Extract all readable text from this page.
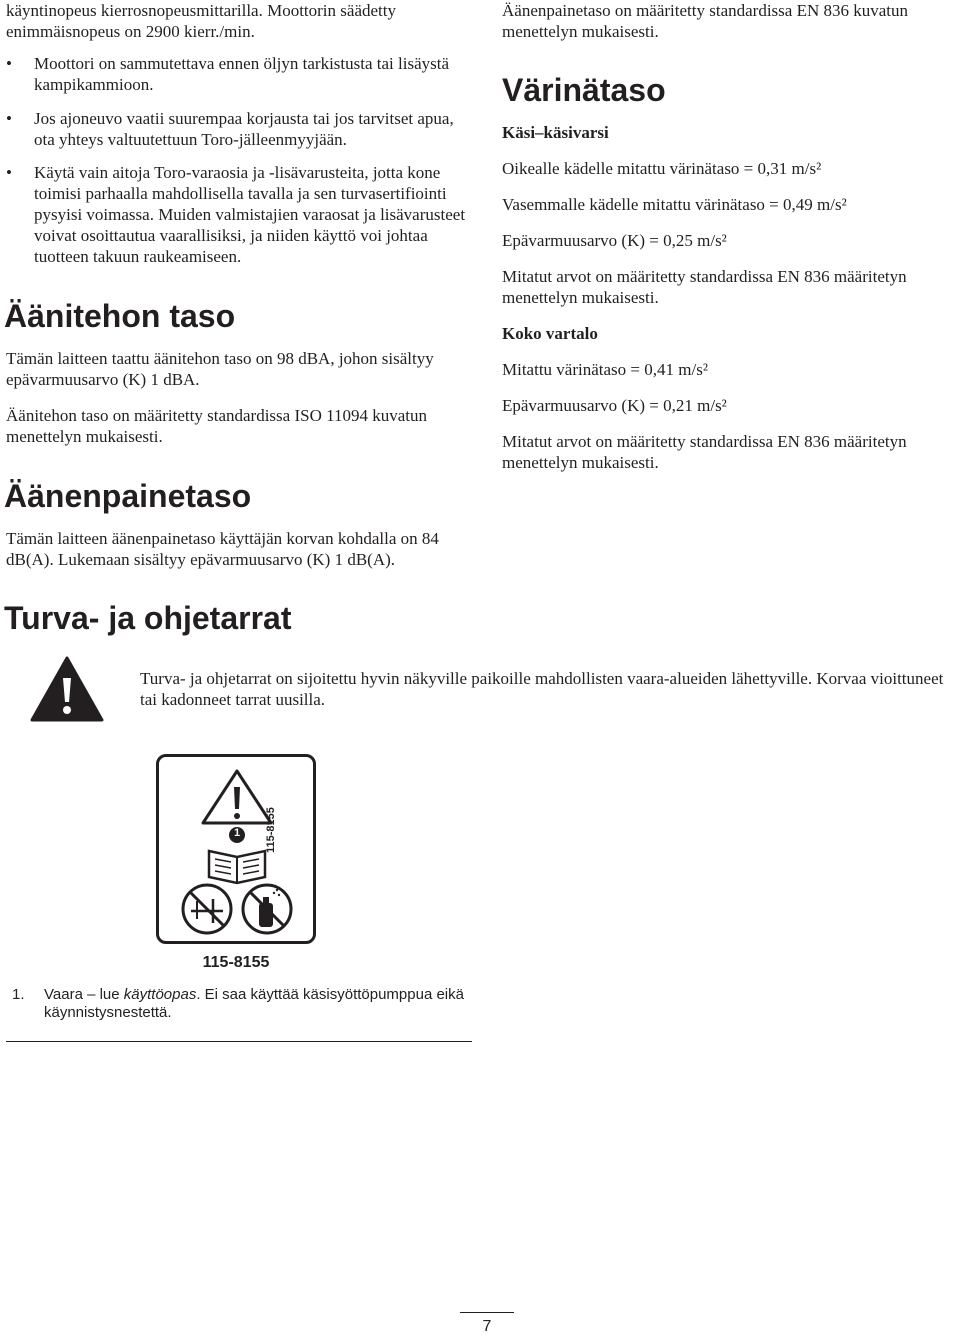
käyntinopeus kierrosnopeusmittarilla. Moottorin säädetty enimmäisnopeus on 2900 kierr./min.

• Moottori on sammutettava ennen öljyn tarkistusta tai lisäystä kampikammioon.
• Jos ajoneuvo vaatii suurempaa korjausta tai jos tarvitset apua, ota yhteys valtuutettuun Toro-jälleenmyyjään.
• Käytä vain aitoja Toro-varaosia ja -lisävarusteita, jotta kone toimisi parhaalla mahdollisella tavalla ja sen turvasertifiointi pysyisi voimassa. Muiden valmistajien varaosat ja lisävarusteet voivat osoittautua vaarallisiksi, ja niiden käyttö voi johtaa tuotteen takuun raukeamiseen.
Äänitehon taso

Tämän laitteen taattu äänitehon taso on 98 dBA, johon sisältyy epävarmuusarvo (K) 1 dBA.

Äänitehon taso on määritetty standardissa ISO 11094 kuvatun menettelyn mukaisesti.

Äänenpainetaso

Tämän laitteen äänenpainetaso käyttäjän korvan kohdalla on 84 dB(A). Lukemaan sisältyy epävarmuusarvo (K) 1 dB(A).

Äänenpainetaso on määritetty standardissa EN 836 kuvatun menettelyn mukaisesti.

Värinätaso

Käsi–käsivarsi

Oikealle kädelle mitattu värinätaso = 0,31 m/s²

Vasemmalle kädelle mitattu värinätaso = 0,49 m/s²

Epävarmuusarvo (K) = 0,25 m/s²

Mitatut arvot on määritetty standardissa EN 836 määritetyn menettelyn mukaisesti.

Koko vartalo

Mitattu värinätaso = 0,41 m/s²

Epävarmuusarvo (K) = 0,21 m/s²

Mitatut arvot on määritetty standardissa EN 836 määritetyn menettelyn mukaisesti.

Turva- ja ohjetarrat

Turva- ja ohjetarrat on sijoitettu hyvin näkyville paikoille mahdollisten vaara-alueiden lähettyville. Korvaa vioittuneet tai kadonneet tarrat uusilla.

1	115-8155

115-8155

1. Vaara – lue käyttöopas. Ei saa käyttää käsisyöttöpumppua eikä käynnistysnestettä.
7
